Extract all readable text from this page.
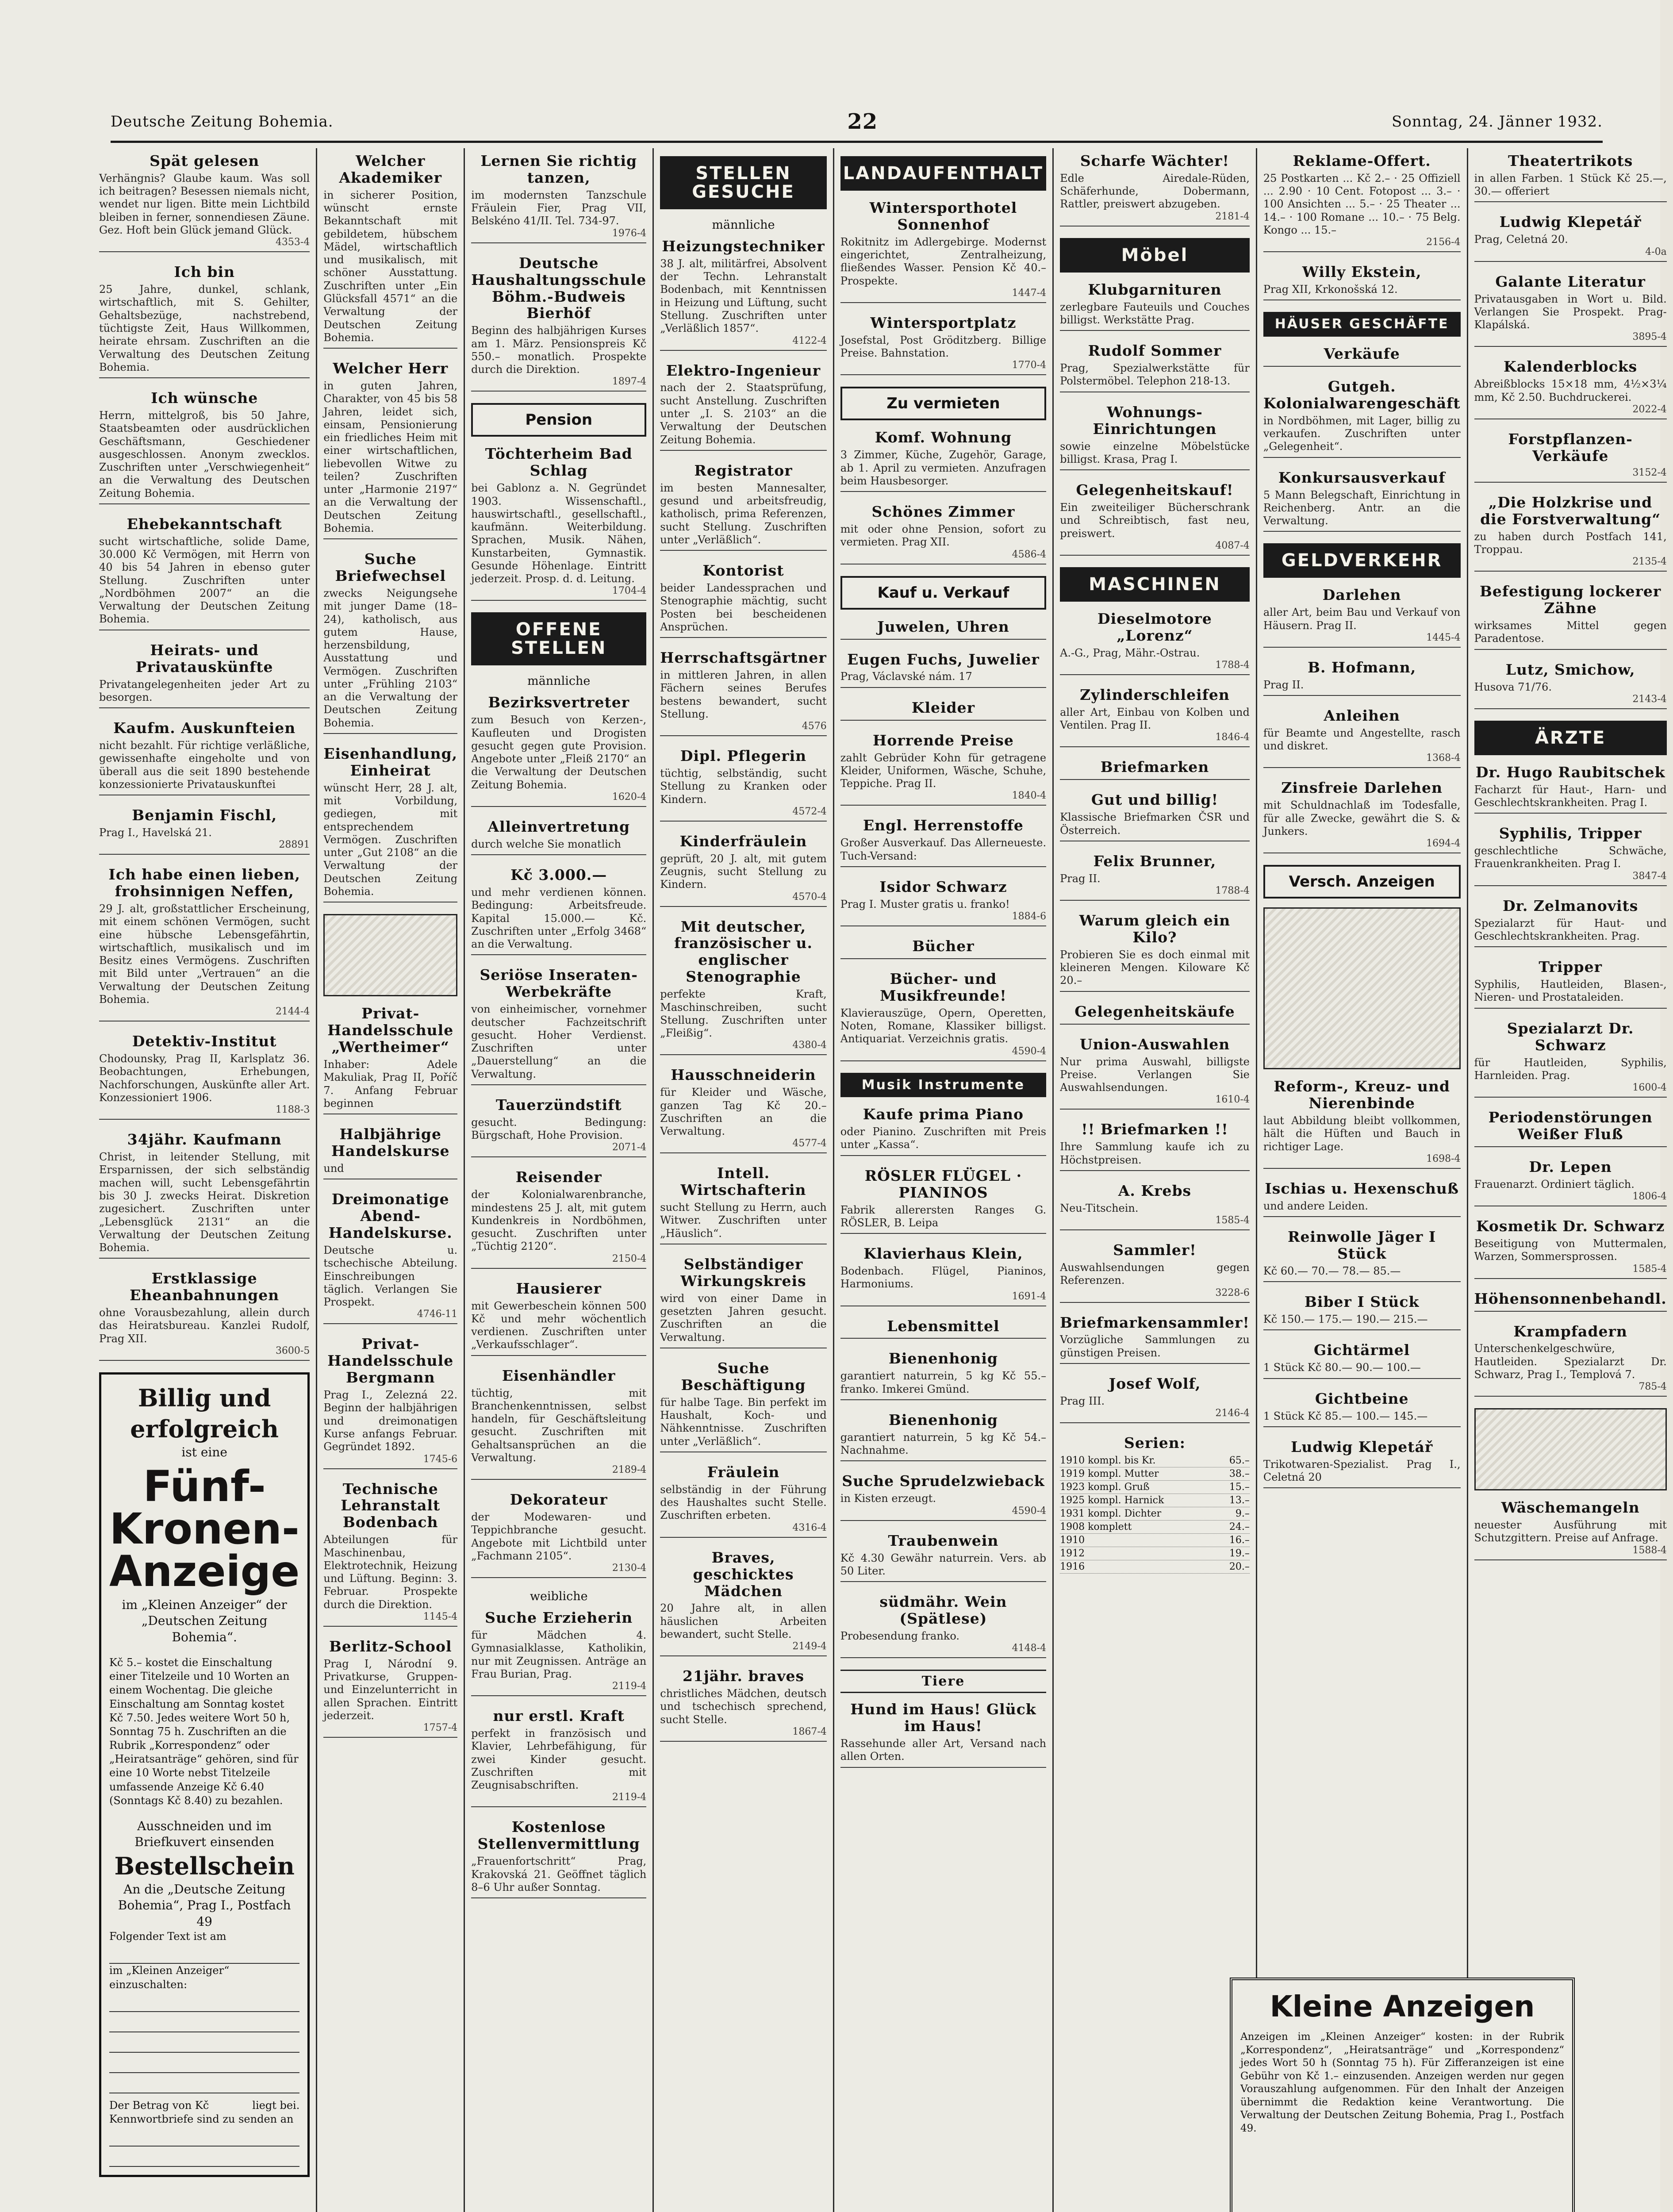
Deutsche Zeitung Bohemia.	22	Sonntag, 24. Jänner 1932.
Spät gelesen
Verhängnis? Glaube kaum. Was soll ich beitragen? Besessen niemals nicht, wendet nur ligen. Bitte mein Lichtbild bleiben in ferner, sonnendiesen Zäune. Gez. Hoft bein Glück jemand Glück.
4353-4
Ich bin
25 Jahre, dunkel, schlank, wirtschaftlich, mit S. Gehilter, Gehaltsbezüge, nachstrebend, tüchtigste Zeit, Haus Willkommen, heirate ehrsam. Zuschriften an die Verwaltung des Deutschen Zeitung Bohemia.
Ich wünsche
Herrn, mittelgroß, bis 50 Jahre, Staatsbeamten oder ausdrücklichen Geschäftsmann, Geschiedener ausgeschlossen. Anonym zwecklos. Zuschriften unter „Verschwiegenheit“ an die Verwaltung des Deutschen Zeitung Bohemia.
Ehebekanntschaft
sucht wirtschaftliche, solide Dame, 30.000 Kč Vermögen, mit Herrn von 40 bis 54 Jahren in ebenso guter Stellung. Zuschriften unter „Nordböhmen 2007“ an die Verwaltung der Deutschen Zeitung Bohemia.
Heirats- und Privatauskünfte
Privatangelegenheiten jeder Art zu besorgen.
Kaufm. Auskunfteien
nicht bezahlt. Für richtige verläßliche, gewissenhafte eingeholte und von überall aus die seit 1890 bestehende konzessionierte Privatauskunftei
Benjamin Fischl,
Prag I., Havelská 21.
28891
Ich habe einen lieben, frohsinnigen Neffen,
29 J. alt, großstattlicher Erscheinung, mit einem schönen Vermögen, sucht eine hübsche Lebensgefährtin, wirtschaftlich, musikalisch und im Besitz eines Vermögens. Zuschriften mit Bild unter „Vertrauen“ an die Verwaltung der Deutschen Zeitung Bohemia.
2144-4
Detektiv-Institut
Chodounsky, Prag II, Karlsplatz 36. Beobachtungen, Erhebungen, Nachforschungen, Auskünfte aller Art. Konzessioniert 1906.
1188-3
34jähr. Kaufmann
Christ, in leitender Stellung, mit Ersparnissen, der sich selbständig machen will, sucht Lebensgefährtin bis 30 J. zwecks Heirat. Diskretion zugesichert. Zuschriften unter „Lebensglück 2131“ an die Verwaltung der Deutschen Zeitung Bohemia.
Erstklassige Eheanbahnungen
ohne Vorausbezahlung, allein durch das Heiratsbureau. Kanzlei Rudolf, Prag XII.
3600-5
Billig und erfolgreich
ist eine
Fünf-Kronen-Anzeige
im „Kleinen Anzeiger“ der „Deutschen Zeitung Bohemia“.

Kč 5.– kostet die Einschaltung einer Titelzeile und 10 Worten an einem Wochentag. Die gleiche Einschaltung am Sonntag kostet Kč 7.50. Jedes weitere Wort 50 h, Sonntag 75 h. Zuschriften an die Rubrik „Korrespondenz“ oder „Heiratsanträge“ gehören, sind für eine 10 Worte nebst Titelzeile umfassende Anzeige Kč 6.40 (Sonntags Kč 8.40) zu bezahlen.

Ausschneiden und im Briefkuvert einsenden
Bestellschein
An die „Deutsche Zeitung Bohemia“, Prag I., Postfach 49
Folgender Text ist am
im „Kleinen Anzeiger“ einzuschalten:
Der Betrag von Kč	liegt bei.
Kennwortbriefe sind zu senden an
Welcher Akademiker
in sicherer Position, wünscht ernste Bekanntschaft mit gebildetem, hübschem Mädel, wirtschaftlich und musikalisch, mit schöner Ausstattung. Zuschriften unter „Ein Glücksfall 4571“ an die Verwaltung der Deutschen Zeitung Bohemia.
Welcher Herr
in guten Jahren, Charakter, von 45 bis 58 Jahren, leidet sich, einsam, Pensionierung ein friedliches Heim mit einer wirtschaftlichen, liebevollen Witwe zu teilen? Zuschriften unter „Harmonie 2197“ an die Verwaltung der Deutschen Zeitung Bohemia.
Suche Briefwechsel
zwecks Neigungsehe mit junger Dame (18–24), katholisch, aus gutem Hause, herzensbildung, Ausstattung und Vermögen. Zuschriften unter „Frühling 2103“ an die Verwaltung der Deutschen Zeitung Bohemia.
Eisenhandlung, Einheirat
wünscht Herr, 28 J. alt, mit Vorbildung, gediegen, mit entsprechendem Vermögen. Zuschriften unter „Gut 2108“ an die Verwaltung der Deutschen Zeitung Bohemia.
Privat-Handelsschule „Wertheimer“
Inhaber: Adele Makuliak, Prag II, Poříč 7. Anfang Februar beginnen
Halbjährige Handelskurse
und
Dreimonatige Abend-Handelskurse.
Deutsche u. tschechische Abteilung. Einschreibungen täglich. Verlangen Sie Prospekt.
4746-11
Privat-Handelsschule Bergmann
Prag I., Zelezná 22. Beginn der halbjährigen und dreimonatigen Kurse anfangs Februar. Gegründet 1892.
1745-6
Technische Lehranstalt Bodenbach
Abteilungen für Maschinenbau, Elektrotechnik, Heizung und Lüftung. Beginn: 3. Februar. Prospekte durch die Direktion.
1145-4
Berlitz-School
Prag I, Národní 9. Privatkurse, Gruppen- und Einzelunterricht in allen Sprachen. Eintritt jederzeit.
1757-4
Lernen Sie richtig tanzen,
im modernsten Tanzschule Fräulein Fier, Prag VII, Belskéno 41/II. Tel. 734-97.
1976-4
Deutsche Haushaltungsschule Böhm.-Budweis Bierhöf
Beginn des halbjährigen Kurses am 1. März. Pensionspreis Kč 550.– monatlich. Prospekte durch die Direktion.
1897-4
Pension
Töchterheim Bad Schlag
bei Gablonz a. N. Gegründet 1903. Wissenschaftl., hauswirtschaftl., gesellschaftl., kaufmänn. Weiterbildung. Sprachen, Musik. Nähen, Kunstarbeiten, Gymnastik. Gesunde Höhenlage. Eintritt jederzeit. Prosp. d. d. Leitung.
1704-4
OFFENE STELLEN
männliche
Bezirksvertreter
zum Besuch von Kerzen-, Kaufleuten und Drogisten gesucht gegen gute Provision. Angebote unter „Fleiß 2170“ an die Verwaltung der Deutschen Zeitung Bohemia.
1620-4
Alleinvertretung
durch welche Sie monatlich
Kč 3.000.—
und mehr verdienen können. Bedingung: Arbeitsfreude. Kapital 15.000.— Kč. Zuschriften unter „Erfolg 3468“ an die Verwaltung.
Seriöse Inseraten-Werbekräfte
von einheimischer, vornehmer deutscher Fachzeitschrift gesucht. Hoher Verdienst. Zuschriften unter „Dauerstellung“ an die Verwaltung.
Tauerzündstift
gesucht. Bedingung: Bürgschaft, Hohe Provision.
2071-4
Reisender
der Kolonialwarenbranche, mindestens 25 J. alt, mit gutem Kundenkreis in Nordböhmen, gesucht. Zuschriften unter „Tüchtig 2120“.
2150-4
Hausierer
mit Gewerbeschein können 500 Kč und mehr wöchentlich verdienen. Zuschriften unter „Verkaufsschlager“.
Eisenhändler
tüchtig, mit Branchenkenntnissen, selbst handeln, für Geschäftsleitung gesucht. Zuschriften mit Gehaltsansprüchen an die Verwaltung.
2189-4
Dekorateur
der Modewaren- und Teppichbranche gesucht. Angebote mit Lichtbild unter „Fachmann 2105“.
2130-4
weibliche
Suche Erzieherin
für Mädchen 4. Gymnasialklasse, Katholikin, nur mit Zeugnissen. Anträge an Frau Burian, Prag.
2119-4
nur erstl. Kraft
perfekt in französisch und Klavier, Lehrbefähigung, für zwei Kinder gesucht. Zuschriften mit Zeugnisabschriften.
2119-4
Kostenlose Stellenvermittlung
„Frauenfortschritt“ Prag, Krakovská 21. Geöffnet täglich 8–6 Uhr außer Sonntag.
STELLEN GESUCHE
männliche
Heizungstechniker
38 J. alt, militärfrei, Absolvent der Techn. Lehranstalt Bodenbach, mit Kenntnissen in Heizung und Lüftung, sucht Stellung. Zuschriften unter „Verläßlich 1857“.
4122-4
Elektro-Ingenieur
nach der 2. Staatsprüfung, sucht Anstellung. Zuschriften unter „I. S. 2103“ an die Verwaltung der Deutschen Zeitung Bohemia.
Registrator
im besten Mannesalter, gesund und arbeitsfreudig, katholisch, prima Referenzen, sucht Stellung. Zuschriften unter „Verläßlich“.
Kontorist
beider Landessprachen und Stenographie mächtig, sucht Posten bei bescheidenen Ansprüchen.
Herrschaftsgärtner
in mittleren Jahren, in allen Fächern seines Berufes bestens bewandert, sucht Stellung.
4576
Dipl. Pflegerin
tüchtig, selbständig, sucht Stellung zu Kranken oder Kindern.
4572-4
Kinderfräulein
geprüft, 20 J. alt, mit gutem Zeugnis, sucht Stellung zu Kindern.
4570-4
Mit deutscher, französischer u. englischer Stenographie
perfekte Kraft, Maschinschreiben, sucht Stellung. Zuschriften unter „Fleißig“.
4380-4
Hausschneiderin
für Kleider und Wäsche, ganzen Tag Kč 20.– Zuschriften an die Verwaltung.
4577-4
Intell. Wirtschafterin
sucht Stellung zu Herrn, auch Witwer. Zuschriften unter „Häuslich“.
Selbständiger Wirkungskreis
wird von einer Dame in gesetzten Jahren gesucht. Zuschriften an die Verwaltung.
Suche Beschäftigung
für halbe Tage. Bin perfekt im Haushalt, Koch- und Nähkenntnisse. Zuschriften unter „Verläßlich“.
Fräulein
selbständig in der Führung des Haushaltes sucht Stelle. Zuschriften erbeten.
4316-4
Braves, geschicktes Mädchen
20 Jahre alt, in allen häuslichen Arbeiten bewandert, sucht Stelle.
2149-4
21jähr. braves
christliches Mädchen, deutsch und tschechisch sprechend, sucht Stelle.
1867-4
LANDAUFENTHALT
Wintersporthotel Sonnenhof
Rokitnitz im Adlergebirge. Modernst eingerichtet, Zentralheizung, fließendes Wasser. Pension Kč 40.– Prospekte.
1447-4
Wintersportplatz
Josefstal, Post Gröditzberg. Billige Preise. Bahnstation.
1770-4
Zu vermieten
Komf. Wohnung
3 Zimmer, Küche, Zugehör, Garage, ab 1. April zu vermieten. Anzufragen beim Hausbesorger.
Schönes Zimmer
mit oder ohne Pension, sofort zu vermieten. Prag XII.
4586-4
Kauf u. Verkauf
Juwelen, Uhren
Eugen Fuchs, Juwelier
Prag, Václavské nám. 17
Kleider
Horrende Preise
zahlt Gebrüder Kohn für getragene Kleider, Uniformen, Wäsche, Schuhe, Teppiche. Prag II.
1840-4
Engl. Herrenstoffe
Großer Ausverkauf. Das Allerneueste. Tuch-Versand:
Isidor Schwarz
Prag I. Muster gratis u. franko!
1884-6
Bücher
Bücher- und Musikfreunde!
Klavierauszüge, Opern, Operetten, Noten, Romane, Klassiker billigst. Antiquariat. Verzeichnis gratis.
4590-4
Musik Instrumente
Kaufe prima Piano
oder Pianino. Zuschriften mit Preis unter „Kassa“.
RÖSLER FLÜGEL · PIANINOS
Fabrik allerersten Ranges G. RÖSLER, B. Leipa
Klavierhaus Klein,
Bodenbach. Flügel, Pianinos, Harmoniums.
1691-4
Lebensmittel
Bienenhonig
garantiert naturrein, 5 kg Kč 55.– franko. Imkerei Gmünd.
Bienenhonig
garantiert naturrein, 5 kg Kč 54.– Nachnahme.
Suche Sprudelzwieback
in Kisten erzeugt.
4590-4
Traubenwein
Kč 4.30 Gewähr naturrein. Vers. ab 50 Liter.
südmähr. Wein (Spätlese)
Probesendung franko.
4148-4
Tiere
Hund im Haus! Glück im Haus!
Rassehunde aller Art, Versand nach allen Orten.
Scharfe Wächter!
Edle Airedale-Rüden, Schäferhunde, Dobermann, Rattler, preiswert abzugeben.
2181-4
Möbel
Klubgarnituren
zerlegbare Fauteuils und Couches billigst. Werkstätte Prag.
Rudolf Sommer
Prag, Spezialwerkstätte für Polstermöbel. Telephon 218-13.
Wohnungs-Einrichtungen
sowie einzelne Möbelstücke billigst. Krasa, Prag I.
Gelegenheitskauf!
Ein zweiteiliger Bücherschrank und Schreibtisch, fast neu, preiswert.
4087-4
MASCHINEN
Dieselmotore „Lorenz“
A.-G., Prag, Mähr.-Ostrau.
1788-4
Zylinderschleifen
aller Art, Einbau von Kolben und Ventilen. Prag II.
1846-4
Briefmarken
Gut und billig!
Klassische Briefmarken ČSR und Österreich.
Felix Brunner,
Prag II.
1788-4
Warum gleich ein Kilo?
Probieren Sie es doch einmal mit kleineren Mengen. Kiloware Kč 20.–
Gelegenheitskäufe
Union-Auswahlen
Nur prima Auswahl, billigste Preise. Verlangen Sie Auswahlsendungen.
1610-4
!! Briefmarken !!
Ihre Sammlung kaufe ich zu Höchstpreisen.
A. Krebs
Neu-Titschein.
1585-4
Sammler!
Auswahlsendungen gegen Referenzen.
3228-6
Briefmarkensammler!
Vorzügliche Sammlungen zu günstigen Preisen.
Josef Wolf,
Prag III.
2146-4
Serien:
1910 kompl. bis Kr.	65.–
1919 kompl. Mutter	38.–
1923 kompl. Gruß	15.–
1925 kompl. Harnick	13.–
1931 kompl. Dichter	9.–
1908 komplett	24.–
1910	16.–
1912	19.–
1916	20.–
Reklame-Offert.
25 Postkarten ... Kč 2.– · 25 Offiziell ... 2.90 · 10 Cent. Fotopost ... 3.– · 100 Ansichten ... 5.– · 25 Theater ... 14.– · 100 Romane ... 10.– · 75 Belg. Kongo ... 15.–
2156-4
Willy Ekstein,
Prag XII, Krkonošská 12.
HÄUSER GESCHÄFTE
Verkäufe
Gutgeh. Kolonialwarengeschäft
in Nordböhmen, mit Lager, billig zu verkaufen. Zuschriften unter „Gelegenheit“.
Konkursausverkauf
5 Mann Belegschaft, Einrichtung in Reichenberg. Antr. an die Verwaltung.
GELDVERKEHR
Darlehen
aller Art, beim Bau und Verkauf von Häusern. Prag II.
1445-4
B. Hofmann,
Prag II.
Anleihen
für Beamte und Angestellte, rasch und diskret.
1368-4
Zinsfreie Darlehen
mit Schuldnachlaß im Todesfalle, für alle Zwecke, gewährt die S. & Junkers.
1694-4
Versch. Anzeigen
Reform-, Kreuz- und Nierenbinde
laut Abbildung bleibt vollkommen, hält die Hüften und Bauch in richtiger Lage.
1698-4
Ischias u. Hexenschuß
und andere Leiden.
Reinwolle Jäger I Stück
Kč 60.— 70.— 78.— 85.—
Biber I Stück
Kč 150.— 175.— 190.— 215.—
Gichtärmel
1 Stück Kč 80.— 90.— 100.—
Gichtbeine
1 Stück Kč 85.— 100.— 145.—
Ludwig Klepetář
Trikotwaren-Spezialist. Prag I., Celetná 20
Theatertrikots
in allen Farben. 1 Stück Kč 25.—, 30.— offeriert
Ludwig Klepetář
Prag, Celetná 20.
4-0a
Galante Literatur
Privatausgaben in Wort u. Bild. Verlangen Sie Prospekt. Prag-Klapálská.
3895-4
Kalenderblocks
Abreißblocks 15×18 mm, 4½×3¼ mm, Kč 2.50. Buchdruckerei.
2022-4
Forstpflanzen-Verkäufe
3152-4
„Die Holzkrise und die Forstverwaltung“
zu haben durch Postfach 141, Troppau.
2135-4
Befestigung lockerer Zähne
wirksames Mittel gegen Paradentose.
Lutz, Smichow,
Husova 71/76.
2143-4
ÄRZTE
Dr. Hugo Raubitschek
Facharzt für Haut-, Harn- und Geschlechtskrankheiten. Prag I.
Syphilis, Tripper
geschlechtliche Schwäche, Frauenkrankheiten. Prag I.
3847-4
Dr. Zelmanovits
Spezialarzt für Haut- und Geschlechtskrankheiten. Prag.
Tripper
Syphilis, Hautleiden, Blasen-, Nieren- und Prostataleiden.
Spezialarzt Dr. Schwarz
für Hautleiden, Syphilis, Harnleiden. Prag.
1600-4
Periodenstörungen Weißer Fluß
Dr. Lepen
Frauenarzt. Ordiniert täglich.
1806-4
Kosmetik Dr. Schwarz
Beseitigung von Muttermalen, Warzen, Sommersprossen.
1585-4
Höhensonnenbehandl.
Krampfadern
Unterschenkelgeschwüre, Hautleiden. Spezialarzt Dr. Schwarz, Prag I., Templová 7.
785-4
Wäschemangeln
neuester Ausführung mit Schutzgittern. Preise auf Anfrage.
1588-4
Kleine Anzeigen
Anzeigen im „Kleinen Anzeiger“ kosten: in der Rubrik „Korrespondenz“, „Heiratsanträge“ und „Korrespondenz“ jedes Wort 50 h (Sonntag 75 h). Für Zifferanzeigen ist eine Gebühr von Kč 1.– einzusenden. Anzeigen werden nur gegen Vorauszahlung aufgenommen. Für den Inhalt der Anzeigen übernimmt die Redaktion keine Verantwortung. Die Verwaltung der Deutschen Zeitung Bohemia, Prag I., Postfach 49.
